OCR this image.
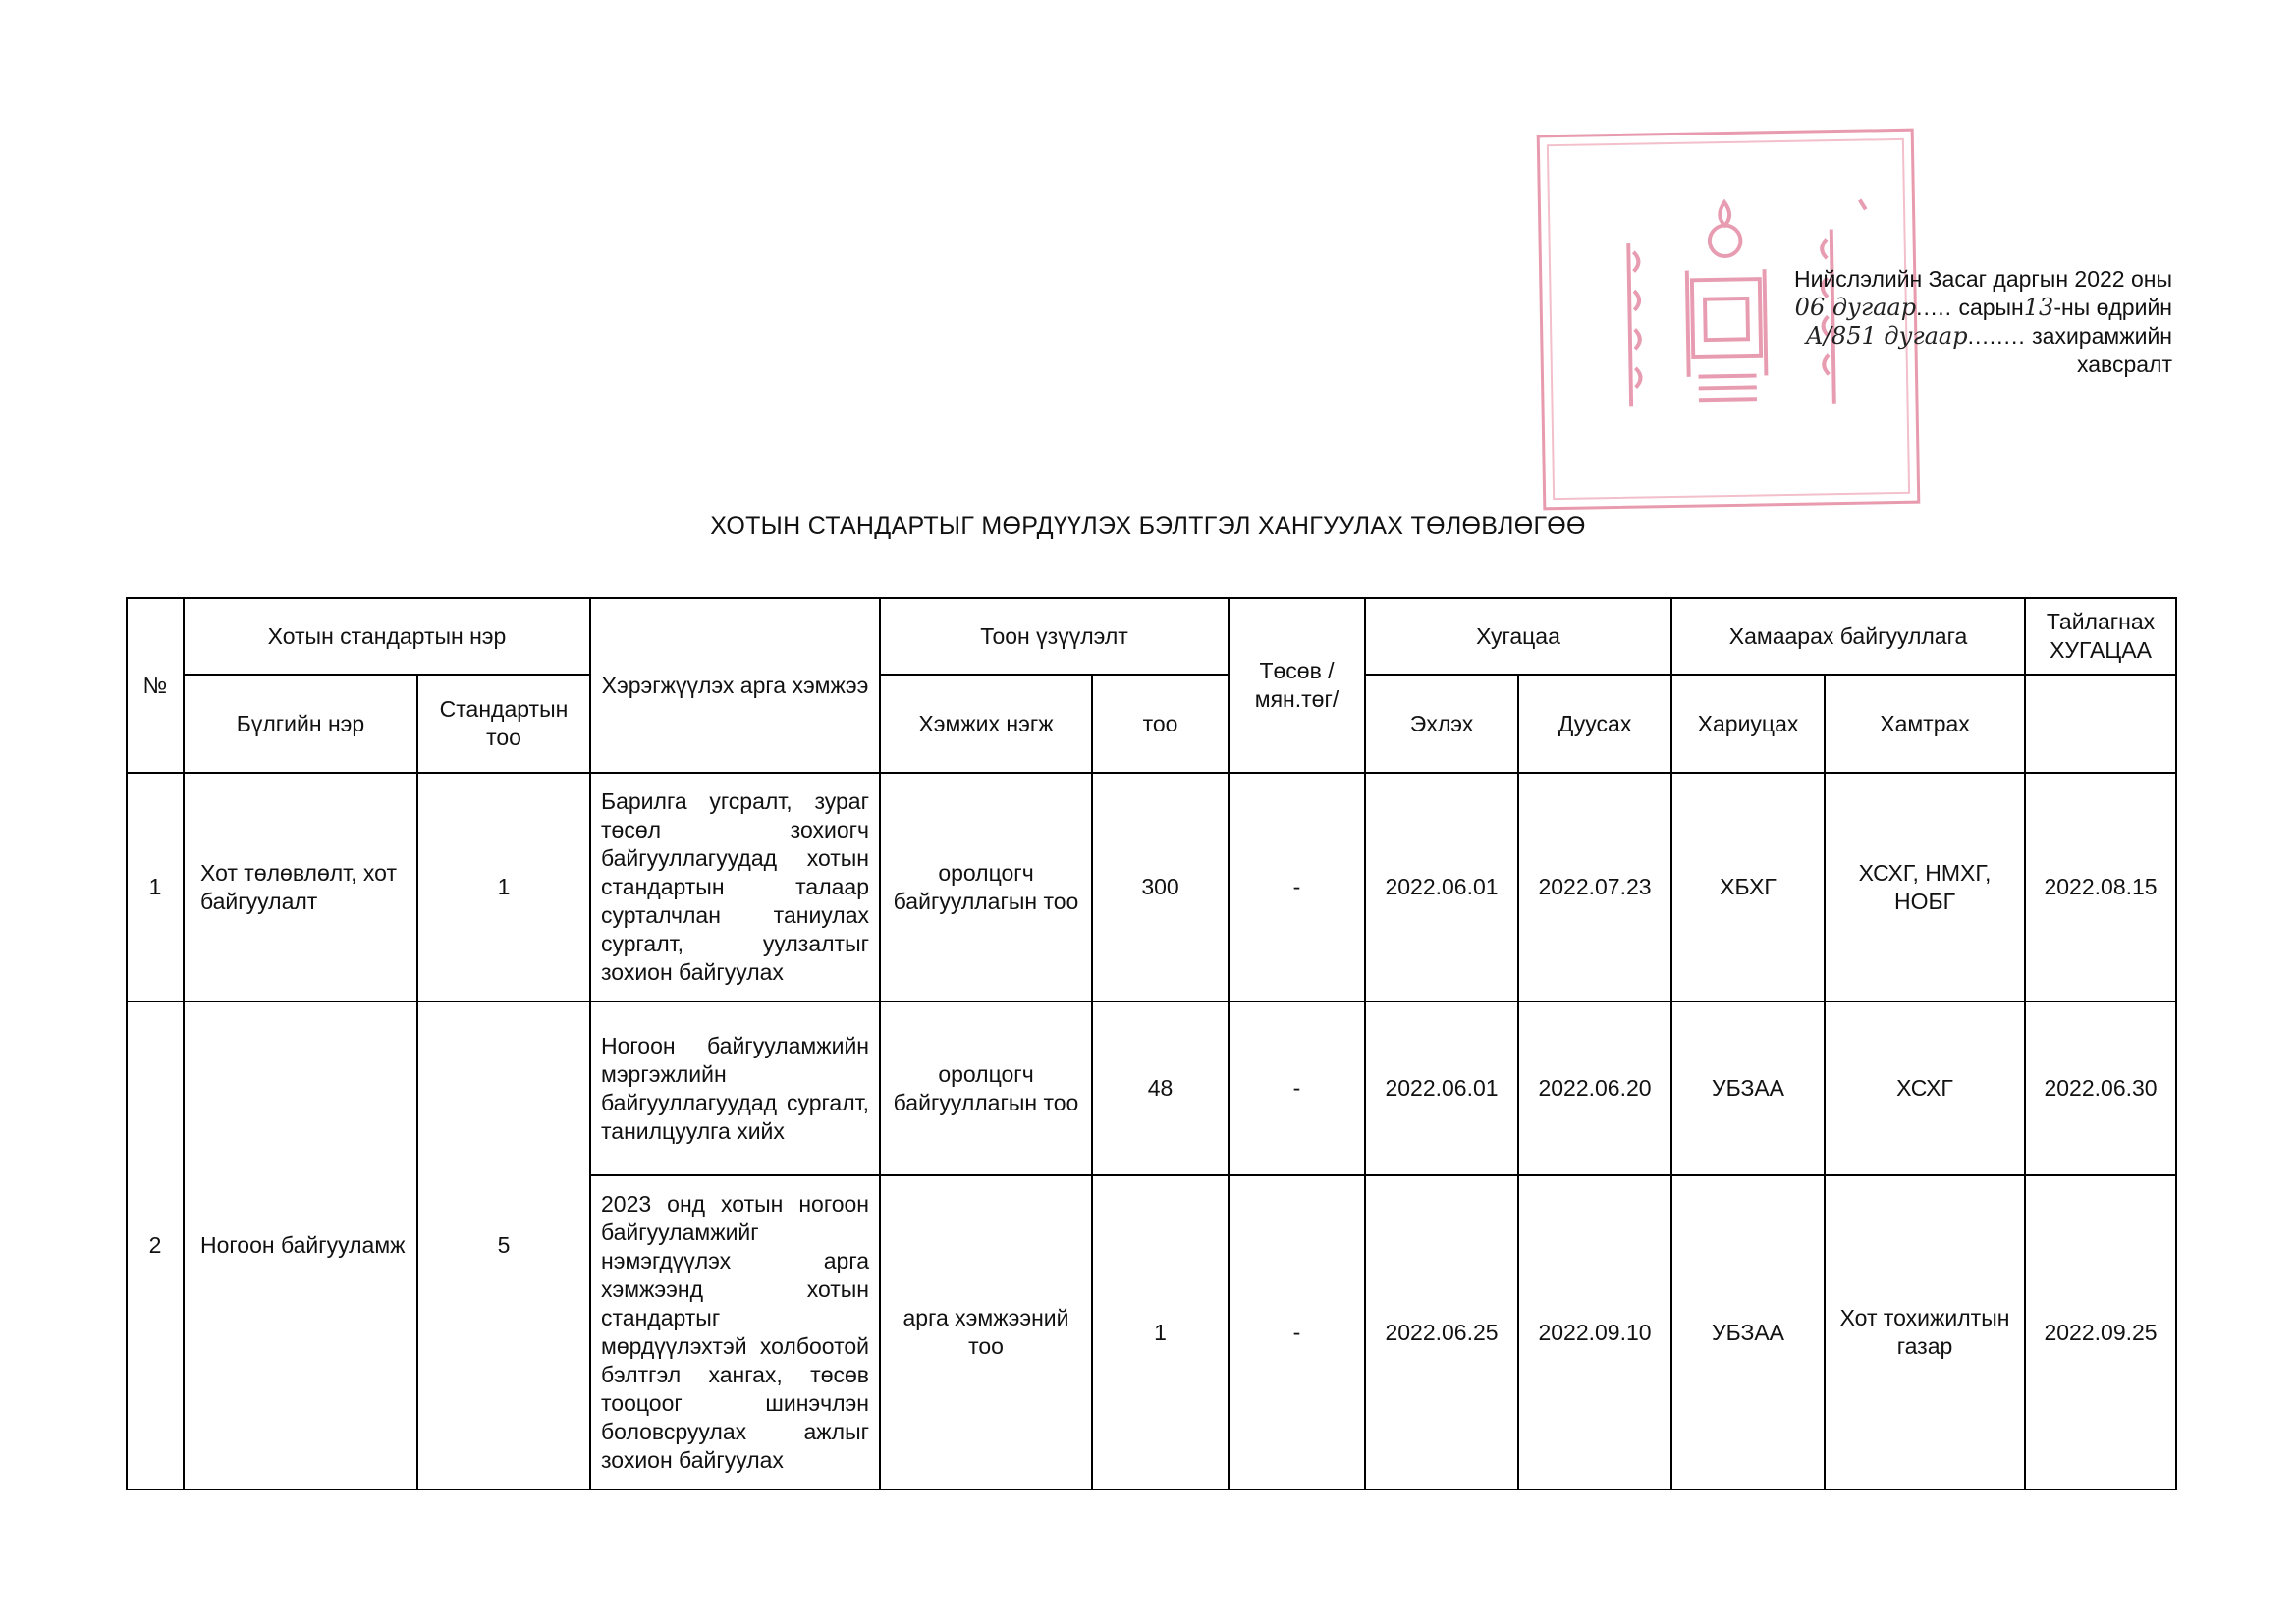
Нийслэлийн Засаг даргын 2022 оны
06 дугаар..... сарын13-ны өдрийн
А/851 дугаар........ захирамжийн
хавсралт
ХОТЫН СТАНДАРТЫГ МӨРДҮҮЛЭХ БЭЛТГЭЛ ХАНГУУЛАХ ТӨЛӨВЛӨГӨӨ
№	Хотын стандартын нэр		Хэрэгжүүлэх арга хэмжээ	Тоон үзүүлэлт		Төсөв /мян.төг/	Хугацаа		Хамаарах байгууллага		Тайлагнах ХУГАЦАА
	Бүлгийн нэр	Стандартын тоо		Хэмжих нэгж	тоо		Эхлэх	Дуусах	Хариуцах	Хамтрах	
1	Хот төлөвлөлт, хот байгуулалт	1	Барилга угсралт, зураг төсөл зохиогч байгууллагуудад хотын стандартын талаар сурталчлан таниулах сургалт, уулзалтыг зохион байгуулах	оролцогч байгууллагын тоо	300	-	2022.06.01	2022.07.23	ХБХГ	ХСХГ, НМХГ, НОБГ	2022.08.15
2	Ногоон байгууламж	5	Ногоон байгууламжийн мэргэжлийн байгууллагуудад сургалт, танилцуулга хийх	оролцогч байгууллагын тоо	48	-	2022.06.01	2022.06.20	УБЗАА	ХСХГ	2022.06.30
			2023 онд хотын ногоон байгууламжийг нэмэгдүүлэх арга хэмжээнд хотын стандартыг мөрдүүлэхтэй холбоотой бэлтгэл хангах, төсөв тооцоог шинэчлэн боловсруулах ажлыг зохион байгуулах	арга хэмжээний тоо	1	-	2022.06.25	2022.09.10	УБЗАА	Хот тохижилтын газар	2022.09.25
